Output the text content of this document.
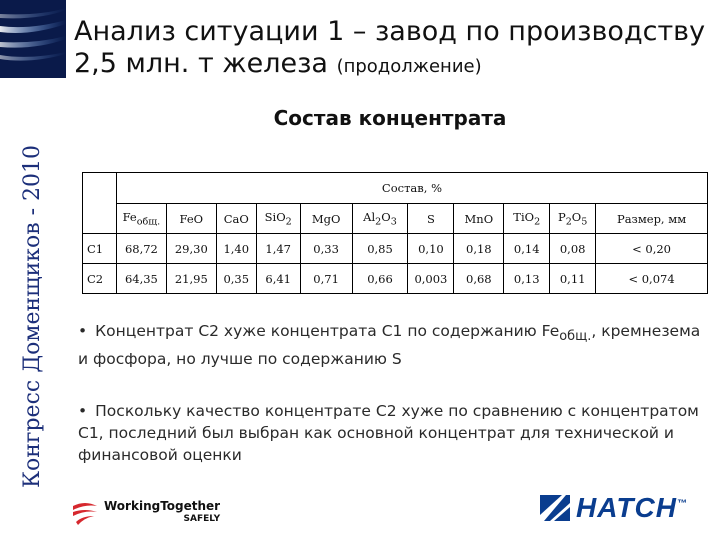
Конгресс Доменщиков - 2010
Анализ ситуации 1 – завод по производству 2,5 млн. т железа (продолжение)
Состав концентрата
	Состав, %										
	$Fe_{общ.}$	FeO	CaO	SiO$_2$	MgO	$Al_2O_3$	S	MnO	TiO$_2$	$P_2O_5$	Размер, мм
С1	68,72	29,30	1,40	1,47	0,33	0,85	0,10	0,18	0,14	0,08	< 0,20
С2	64,35	21,95	0,35	6,41	0,71	0,66	0,003	0,68	0,13	0,11	< 0,074
• Концентрат С2 хуже концентрата С1 по содержанию $Fe_{общ.}$, кремнезема и фосфора, но лучше по содержанию S
• Поскольку качество концентрате С2 хуже по сравнению с концентратом С1, последний был выбран как основной концентрат для технической и финансовой оценки
WorkingTogether
SAFELY	HATCH™
